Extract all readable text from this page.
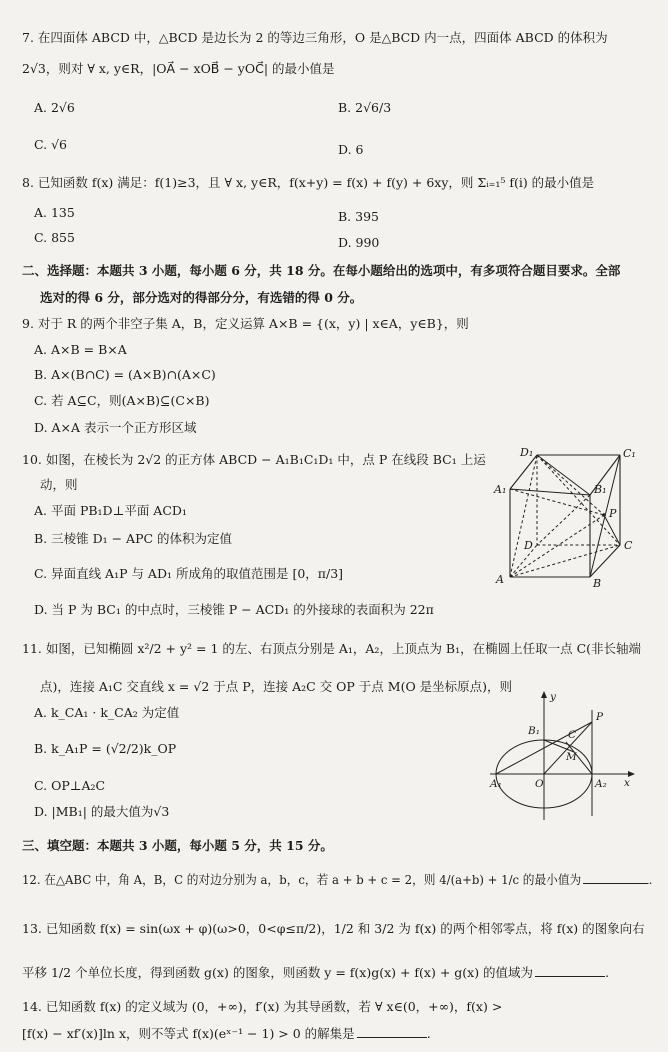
7. 在四面体 ABCD 中，△BCD 是边长为 2 的等边三角形，O 是△BCD 内一点，四面体 ABCD 的体积为
2√3，则对 ∀ x, y∈R，|OA⃗ − xOB⃗ − yOC⃗| 的最小值是
A. 2√6	B. 2√6/3
C. √6	D. 6
8. 已知函数 f(x) 满足：f(1)≥3，且 ∀ x, y∈R，f(x+y) = f(x) + f(y) + 6xy，则 Σᵢ₌₁⁵ f(i) 的最小值是
A. 135	B. 395
C. 855	D. 990
二、选择题：本题共 3 小题，每小题 6 分，共 18 分。在每小题给出的选项中，有多项符合题目要求。全部
选对的得 6 分，部分选对的得部分分，有选错的得 0 分。
9. 对于 R 的两个非空子集 A，B，定义运算 A×B = {(x，y) | x∈A，y∈B}，则
A. A×B = B×A
B. A×(B∩C) = (A×B)∩(A×C)
C. 若 A⊆C，则(A×B)⊆(C×B)
D. A×A 表示一个正方形区域
10. 如图，在棱长为 2√2 的正方体 ABCD − A₁B₁C₁D₁ 中，点 P 在线段 BC₁ 上运
动，则
A. 平面 PB₁D⊥平面 ACD₁
B. 三棱锥 D₁ − APC 的体积为定值
C. 异面直线 A₁P 与 AD₁ 所成角的取值范围是 [0，π/3]
D. 当 P 为 BC₁ 的中点时，三棱锥 P − ACD₁ 的外接球的表面积为 22π
D₁	C₁
A₁	B₁
P
D	C
A	B
11. 如图，已知椭圆 x²/2 + y² = 1 的左、右顶点分别是 A₁，A₂，上顶点为 B₁，在椭圆上任取一点 C(非长轴端
点)，连接 A₁C 交直线 x = √2 于点 P，连接 A₂C 交 OP 于点 M(O 是坐标原点)，则
A. k_CA₁ · k_CA₂ 为定值
B. k_A₁P = (√2/2)k_OP
C. OP⊥A₂C
D. |MB₁| 的最大值为√3
y
B₁	C
P
M
A₁	O	A₂ x
三、填空题：本题共 3 小题，每小题 5 分，共 15 分。
12. 在△ABC 中，角 A，B，C 的对边分别为 a，b，c，若 a + b + c = 2，则 4/(a+b) + 1/c 的最小值为	.
13. 已知函数 f(x) = sin(ωx + φ)(ω>0，0<φ≤π/2)，1/2 和 3/2 为 f(x) 的两个相邻零点，将 f(x) 的图象向右
平移 1/2 个单位长度，得到函数 g(x) 的图象，则函数 y = f(x)g(x) + f(x) + g(x) 的值域为	.
14. 已知函数 f(x) 的定义域为 (0，+∞)，f′(x) 为其导函数，若 ∀ x∈(0，+∞)，f(x) >
[f(x) − xf′(x)]ln x，则不等式 f(x)(eˣ⁻¹ − 1) > 0 的解集是	.
